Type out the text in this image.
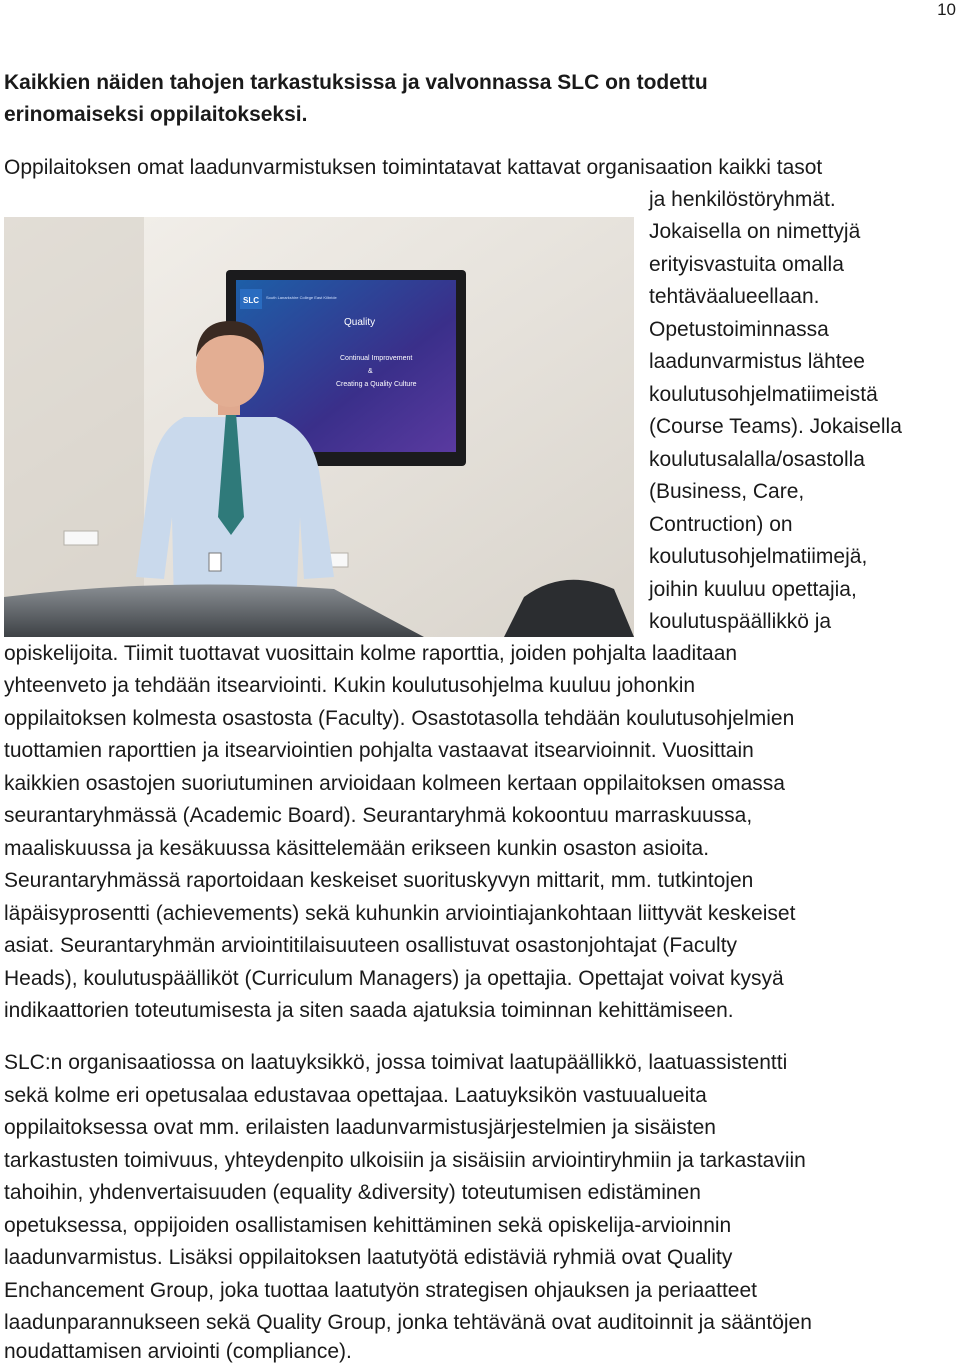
10
Kaikkien näiden tahojen tarkastuksissa ja valvonnassa SLC on todettu
erinomaiseksi oppilaitokseksi.
Oppilaitoksen omat laadunvarmistuksen toimintatavat kattavat organisaation kaikki tasot
ja henkilöstöryhmät.
Jokaisella on nimettyjä
erityisvastuita omalla
tehtäväalueellaan.
Opetustoiminnassa
laadunvarmistus lähtee
koulutusohjelmatiimeistä
(Course Teams). Jokaisella
koulutusalalla/osastolla
(Business, Care,
Contruction) on
koulutusohjelmatiimejä,
joihin kuuluu opettajia,
koulutuspäällikkö ja
SLC South Lanarkshire College East Kilbride
Quality
Continual Improvement
&
Creating a Quality Culture
opiskelijoita. Tiimit tuottavat vuosittain kolme raporttia, joiden pohjalta laaditaan
yhteenveto ja tehdään itsearviointi. Kukin koulutusohjelma kuuluu johonkin
oppilaitoksen kolmesta osastosta (Faculty). Osastotasolla tehdään koulutusohjelmien
tuottamien raporttien ja itsearviointien pohjalta vastaavat itsearvioinnit. Vuosittain
kaikkien osastojen suoriutuminen arvioidaan kolmeen kertaan oppilaitoksen omassa
seurantaryhmässä (Academic Board). Seurantaryhmä kokoontuu marraskuussa,
maaliskuussa ja kesäkuussa käsittelemään erikseen kunkin osaston asioita.
Seurantaryhmässä raportoidaan keskeiset suorituskyvyn mittarit, mm. tutkintojen
läpäisyprosentti (achievements) sekä kuhunkin arviointiajankohtaan liittyvät keskeiset
asiat. Seurantaryhmän arviointitilaisuuteen osallistuvat osastonjohtajat (Faculty
Heads), koulutuspäälliköt (Curriculum Managers) ja opettajia. Opettajat voivat kysyä
indikaattorien toteutumisesta ja siten saada ajatuksia toiminnan kehittämiseen.
SLC:n organisaatiossa on laatuyksikkö, jossa toimivat laatupäällikkö, laatuassistentti
sekä kolme eri opetusalaa edustavaa opettajaa. Laatuyksikön vastuualueita
oppilaitoksessa ovat mm. erilaisten laadunvarmistusjärjestelmien ja sisäisten
tarkastusten toimivuus, yhteydenpito ulkoisiin ja sisäisiin arviointiryhmiin ja tarkastaviin
tahoihin, yhdenvertaisuuden (equality &diversity) toteutumisen edistäminen
opetuksessa, oppijoiden osallistamisen kehittäminen sekä opiskelija-arvioinnin
laadunvarmistus. Lisäksi oppilaitoksen laatutyötä edistäviä ryhmiä ovat Quality
Enchancement Group, joka tuottaa laatutyön strategisen ohjauksen ja periaatteet
laadunparannukseen sekä Quality Group, jonka tehtävänä ovat auditoinnit ja sääntöjen
noudattamisen arviointi (compliance).
